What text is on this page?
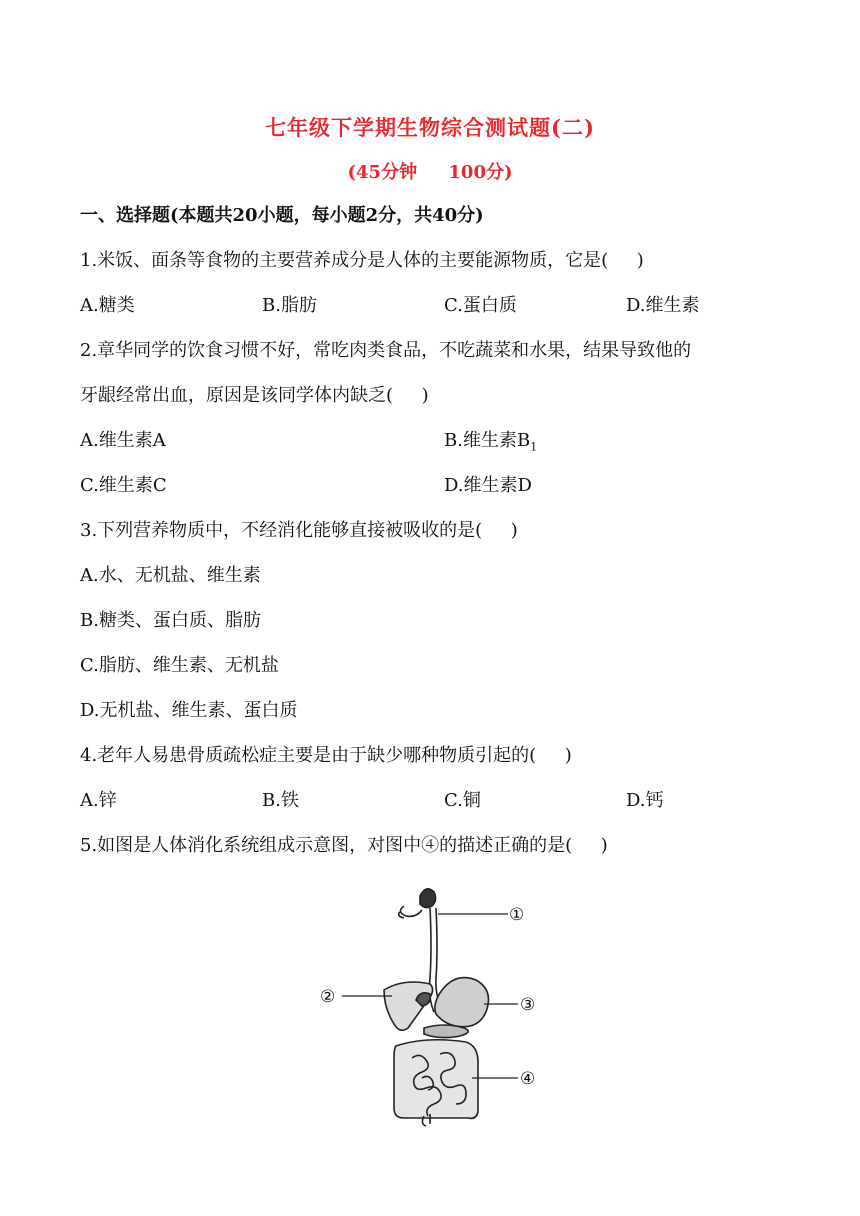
七年级下学期生物综合测试题(二)
(45分钟     100分)
一、选择题(本题共20小题，每小题2分，共40分)
1.米饭、面条等食物的主要营养成分是人体的主要能源物质，它是(     )
A.糖类	B.脂肪	C.蛋白质	D.维生素
2.章华同学的饮食习惯不好，常吃肉类食品，不吃蔬菜和水果，结果导致他的
牙龈经常出血，原因是该同学体内缺乏(     )
A.维生素A	B.维生素$B_1$
C.维生素C	D.维生素D
3.下列营养物质中，不经消化能够直接被吸收的是(     )
A.水、无机盐、维生素
B.糖类、蛋白质、脂肪
C.脂肪、维生素、无机盐
D.无机盐、维生素、蛋白质
4.老年人易患骨质疏松症主要是由于缺少哪种物质引起的(     )
A.锌	B.铁	C.铜	D.钙
5.如图是人体消化系统组成示意图，对图中④的描述正确的是(     )
①
②	③
④
